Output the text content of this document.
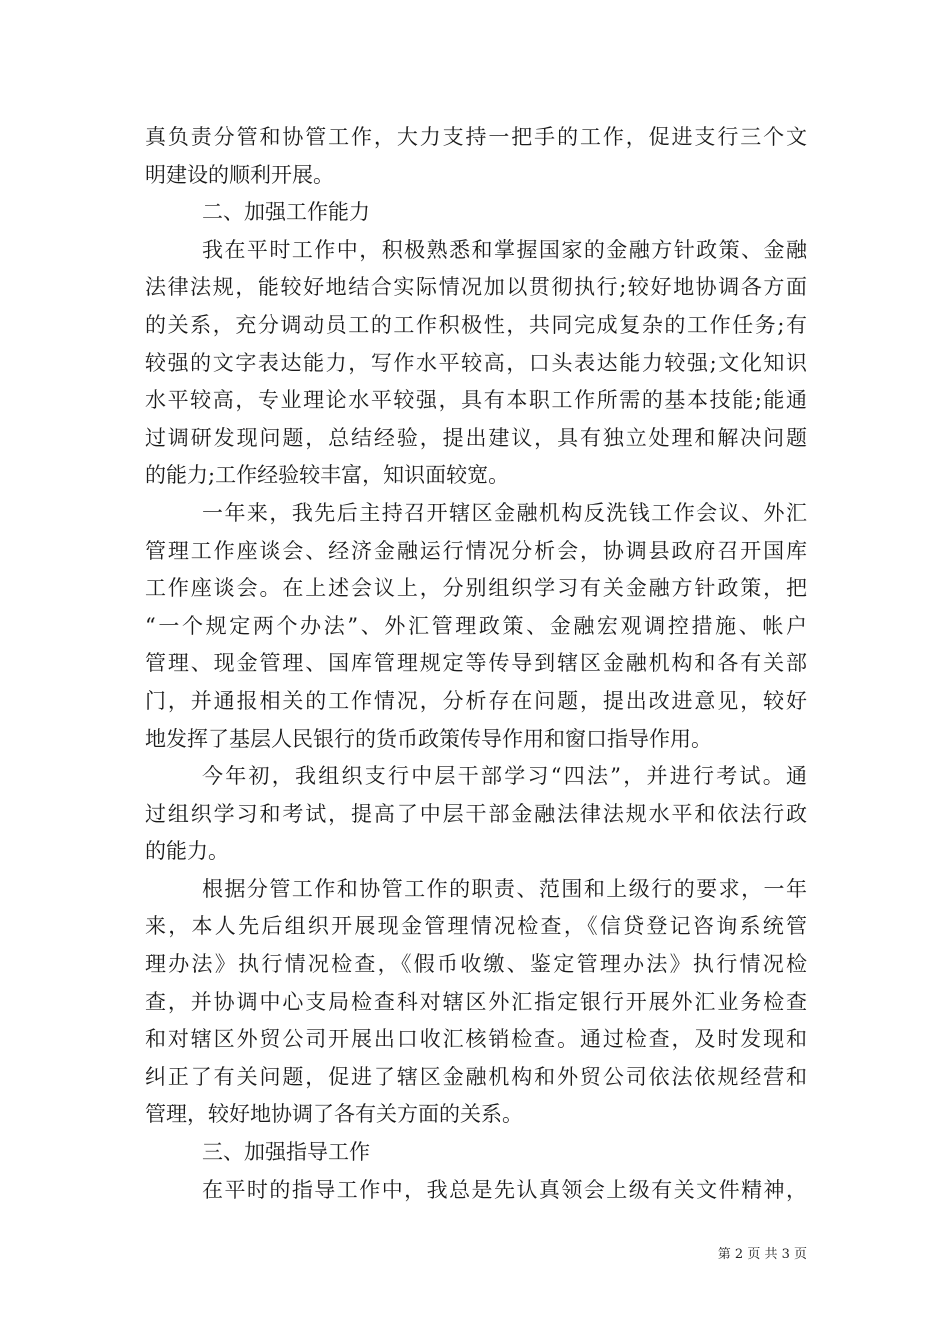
真负责分管和协管工作，大力支持一把手的工作，促进支行三个文
明建设的顺利开展。
二、加强工作能力
我在平时工作中，积极熟悉和掌握国家的金融方针政策、金融
法律法规，能较好地结合实际情况加以贯彻执行;较好地协调各方面
的关系，充分调动员工的工作积极性，共同完成复杂的工作任务;有
较强的文字表达能力，写作水平较高，口头表达能力较强;文化知识
水平较高，专业理论水平较强，具有本职工作所需的基本技能;能通
过调研发现问题，总结经验，提出建议，具有独立处理和解决问题
的能力;工作经验较丰富，知识面较宽。
一年来，我先后主持召开辖区金融机构反洗钱工作会议、外汇
管理工作座谈会、经济金融运行情况分析会，协调县政府召开国库
工作座谈会。在上述会议上，分别组织学习有关金融方针政策，把
“一个规定两个办法”、外汇管理政策、金融宏观调控措施、帐户
管理、现金管理、国库管理规定等传导到辖区金融机构和各有关部
门，并通报相关的工作情况，分析存在问题，提出改进意见，较好
地发挥了基层人民银行的货币政策传导作用和窗口指导作用。
今年初，我组织支行中层干部学习“四法”，并进行考试。通
过组织学习和考试，提高了中层干部金融法律法规水平和依法行政
的能力。
根据分管工作和协管工作的职责、范围和上级行的要求，一年
来，本人先后组织开展现金管理情况检查，《信贷登记咨询系统管
理办法》执行情况检查，《假币收缴、鉴定管理办法》执行情况检
查，并协调中心支局检查科对辖区外汇指定银行开展外汇业务检查
和对辖区外贸公司开展出口收汇核销检查。通过检查，及时发现和
纠正了有关问题，促进了辖区金融机构和外贸公司依法依规经营和
管理，较好地协调了各有关方面的关系。
三、加强指导工作
在平时的指导工作中，我总是先认真领会上级有关文件精神，
第 2 页 共 3 页
